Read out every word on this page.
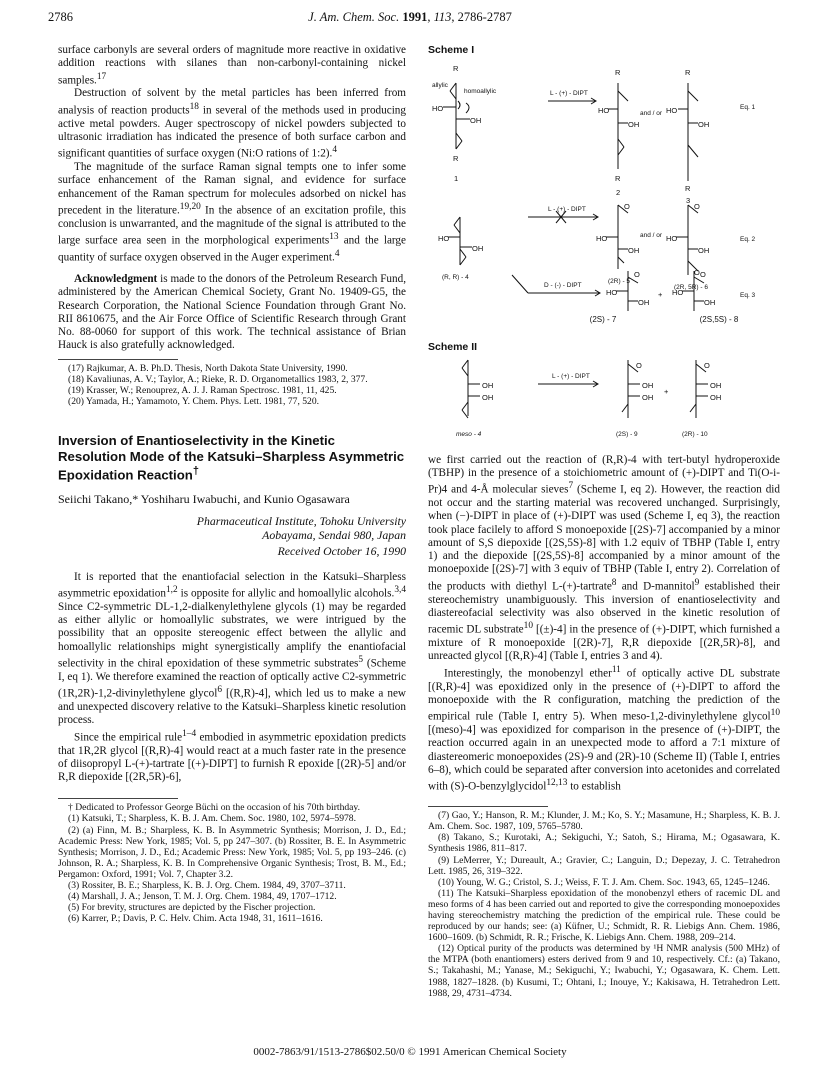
2786	J. Am. Chem. Soc. 1991, 113, 2786-2787

surface carbonyls are several orders of magnitude more reactive in oxidative addition reactions with silanes than non-carbonyl-containing nickel samples.$^{17}$

Destruction of solvent by the metal particles has been inferred from analysis of reaction products$^{18}$ in several of the methods used in producing active metal powders. Auger spectroscopy of nickel powders subjected to ultrasonic irradiation has indicated the presence of both surface carbon and significant quantities of surface oxygen (Ni:O rations of 1:2).$^4$

The magnitude of the surface Raman signal tempts one to infer some surface enhancement of the Raman signal, and evidence for surface enhancement of the Raman spectrum for molecules adsorbed on nickel has precedent in the literature.$^{19,20}$ In the absence of an excitation profile, this conclusion is unwarranted, and the magnitude of the signal is attributed to the large surface area seen in the morphological experiments$^{13}$ and the large quantity of surface oxygen observed in the Auger experiment.$^4$

Acknowledgment is made to the donors of the Petroleum Research Fund, administered by the American Chemical Society, Grant No. 19409-G5, the Research Corporation, the National Science Foundation through Grant No. RII 8610675, and the Air Force Office of Scientific Research through Grant No. 88-0060 for support of this work. The technical assistance of Brian Hauck is also gratefully acknowledged.

(17) Rajkumar, A. B. Ph.D. Thesis, North Dakota State University, 1990.
(18) Kavaliunas, A. V.; Taylor, A.; Rieke, R. D. Organometallics 1983, 2, 377.
(19) Krasser, W.; Renouprez, A. J. J. Raman Spectrosc. 1981, 11, 425.
(20) Yamada, H.; Yamamoto, Y. Chem. Phys. Lett. 1981, 77, 520.
Inversion of Enantioselectivity in the Kinetic Resolution Mode of the Katsuki–Sharpless Asymmetric Epoxidation Reaction†
Seiichi Takano,* Yoshiharu Iwabuchi, and Kunio Ogasawara
Pharmaceutical Institute, Tohoku University
Aobayama, Sendai 980, Japan
Received October 16, 1990

It is reported that the enantiofacial selection in the Katsuki–Sharpless asymmetric epoxidation$^{1,2}$ is opposite for allylic and homoallylic alcohols.$^{3,4}$ Since C2-symmetric DL-1,2-dialkenylethylene glycols (1) may be regarded as either allylic or homoallylic substrates, we were intrigued by the possibility that an opposite stereogenic effect between the allylic and homoallylic relationships might synergistically amplify the enantiofacial selectivity in the chiral epoxidation of these symmetric substrates$^5$ (Scheme I, eq 1). We therefore examined the reaction of optically active C2-symmetric (1R,2R)-1,2-divinylethylene glycol$^6$ [(R,R)-4], which led us to make a new and unexpected discovery relative to the Katsuki–Sharpless kinetic resolution process.

Since the empirical rule$^{1-4}$ embodied in asymmetric epoxidation predicts that 1R,2R glycol [(R,R)-4] would react at a much faster rate in the presence of diisopropyl L-(+)-tartrate [(+)-DIPT] to furnish R epoxide [(2R)-5] and/or R,R diepoxide [(2R,5R)-6],

† Dedicated to Professor George Büchi on the occasion of his 70th birthday.
(1) Katsuki, T.; Sharpless, K. B. J. Am. Chem. Soc. 1980, 102, 5974–5978.
(2) (a) Finn, M. B.; Sharpless, K. B. In Asymmetric Synthesis; Morrison, J. D., Ed.; Academic Press: New York, 1985; Vol. 5, pp 247–307. (b) Rossiter, B. E. In Asymmetric Synthesis; Morrison, J. D., Ed.; Academic Press: New York, 1985; Vol. 5, pp 193–246. (c) Johnson, R. A.; Sharpless, K. B. In Comprehensive Organic Synthesis; Trost, B. M., Ed.; Pergamon: Oxford, 1991; Vol. 7, Chapter 3.2.
(3) Rossiter, B. E.; Sharpless, K. B. J. Org. Chem. 1984, 49, 3707–3711.
(4) Marshall, J. A.; Jenson, T. M. J. Org. Chem. 1984, 49, 1707–1712.
(5) For brevity, structures are depicted by the Fischer projection.
(6) Karrer, P.; Davis, P. C. Helv. Chim. Acta 1948, 31, 1611–1616.
Scheme I
R
allylic
homoallylic
HO
OH
R
1
L - (+) - DIPT
R
HO
OH
R
2
and / or
R
HO
OH
R
3
Eq. 1
HO
OH
(R, R) - 4
L - (+) - DIPT	O
HO
OH
(2R) - 5
and / or
O
HO
OH
O
(2R, 5R) - 6
Eq. 2
D - (-) - DIPT
O
HO
OH
+
O
HO
OH
Eq. 3
(2S) - 7	(2S,5S) - 8
Scheme II
OH
OH
meso - 4
L - (+) - DIPT
O
OH
OH
(2S) - 9
+
O
OH
OH
(2R) - 10

we first carried out the reaction of (R,R)-4 with tert-butyl hydroperoxide (TBHP) in the presence of a stoichiometric amount of (+)-DIPT and Ti(O-i-Pr)4 and 4-Å molecular sieves$^7$ (Scheme I, eq 2). However, the reaction did not occur and the starting material was recovered unchanged. Surprisingly, when (−)-DIPT in place of (+)-DIPT was used (Scheme I, eq 3), the reaction took place facilely to afford S monoepoxide [(2S)-7] accompanied by a minor amount of S,S diepoxide [(2S,5S)-8] with 1.2 equiv of TBHP (Table I, entry 1) and the diepoxide [(2S,5S)-8] accompanied by a minor amount of the monoepoxide [(2S)-7] with 3 equiv of TBHP (Table I, entry 2). Correlation of the products with diethyl L-(+)-tartrate$^8$ and D-mannitol$^9$ established their stereochemistry unambiguously. This inversion of enantioselectivity and diastereofacial selectivity was also observed in the kinetic resolution of racemic DL substrate$^{10}$ [(±)-4] in the presence of (+)-DIPT, which furnished a mixture of R monoepoxide [(2R)-7], R,R diepoxide [(2R,5R)-8], and unreacted glycol [(R,R)-4] (Table I, entries 3 and 4).

Interestingly, the monobenzyl ether$^{11}$ of optically active DL substrate [(R,R)-4] was epoxidized only in the presence of (+)-DIPT to afford the monoepoxide with the R configuration, matching the prediction of the empirical rule (Table I, entry 5). When meso-1,2-divinylethylene glycol$^{10}$ [(meso)-4] was epoxidized for comparison in the presence of (+)-DIPT, the reaction occurred again in an unexpected mode to afford a 7:1 mixture of diastereomeric monoepoxides (2S)-9 and (2R)-10 (Scheme II) (Table I, entries 6–8), which could be separated after conversion into acetonides and correlated with (S)-O-benzylglycidol$^{12,13}$ to establish

(7) Gao, Y.; Hanson, R. M.; Klunder, J. M.; Ko, S. Y.; Masamune, H.; Sharpless, K. B. J. Am. Chem. Soc. 1987, 109, 5765–5780.
(8) Takano, S.; Kurotaki, A.; Sekiguchi, Y.; Satoh, S.; Hirama, M.; Ogasawara, K. Synthesis 1986, 811–817.
(9) LeMerrer, Y.; Dureault, A.; Gravier, C.; Languin, D.; Depezay, J. C. Tetrahedron Lett. 1985, 26, 319–322.
(10) Young, W. G.; Cristol, S. J.; Weiss, F. T. J. Am. Chem. Soc. 1943, 65, 1245–1246.
(11) The Katsuki–Sharpless epoxidation of the monobenzyl ethers of racemic DL and meso forms of 4 has been carried out and reported to give the corresponding monoepoxides having stereochemistry matching the prediction of the empirical rule. These could be reproduced by our hands; see: (a) Küfner, U.; Schmidt, R. R. Liebigs Ann. Chem. 1986, 1600–1609. (b) Schmidt, R. R.; Frische, K. Liebigs Ann. Chem. 1988, 209–214.
(12) Optical purity of the products was determined by ¹H NMR analysis (500 MHz) of the MTPA (both enantiomers) esters derived from 9 and 10, respectively. Cf.: (a) Takano, S.; Takahashi, M.; Yanase, M.; Sekiguchi, Y.; Iwabuchi, Y.; Ogasawara, K. Chem. Lett. 1988, 1827–1828. (b) Kusumi, T.; Ohtani, I.; Inouye, Y.; Kakisawa, H. Tetrahedron Lett. 1988, 29, 4731–4734.
0002-7863/91/1513-2786$02.50/0 © 1991 American Chemical Society
